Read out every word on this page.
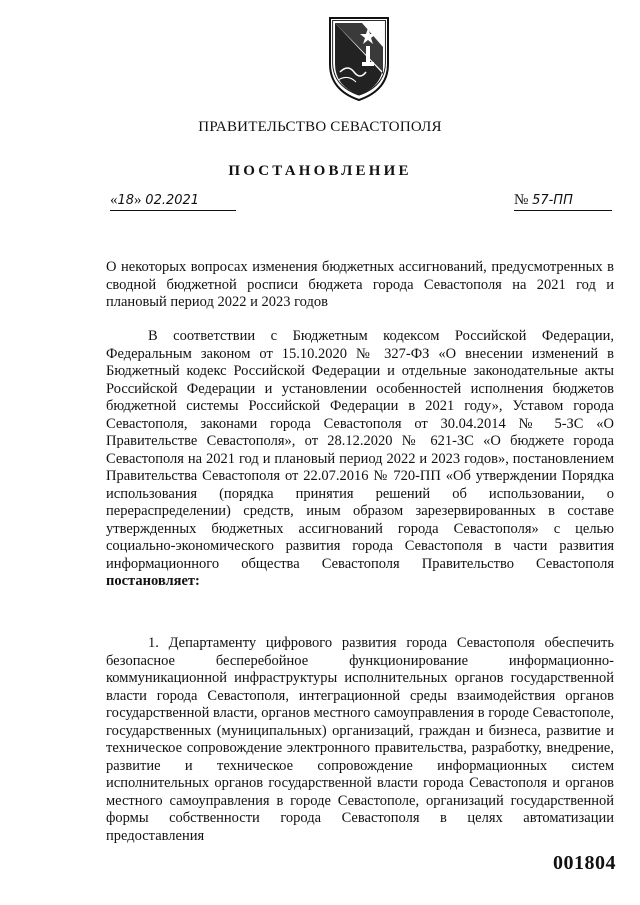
ПРАВИТЕЛЬСТВО СЕВАСТОПОЛЯ
ПОСТАНОВЛЕНИЕ
«18» 02.2021	№ 57-ПП

О некоторых вопросах изменения бюджетных ассигнований, предусмотренных в сводной бюджетной росписи бюджета города Севастополя на 2021 год и плановый период 2022 и 2023 годов

В соответствии с Бюджетным кодексом Российской Федерации, Федеральным законом от 15.10.2020 № 327-ФЗ «О внесении изменений в Бюджетный кодекс Российской Федерации и отдельные законодательные акты Российской Федерации и установлении особенностей исполнения бюджетов бюджетной системы Российской Федерации в 2021 году», Уставом города Севастополя, законами города Севастополя от 30.04.2014 № 5-ЗС «О Правительстве Севастополя», от 28.12.2020 № 621-ЗС «О бюджете города Севастополя на 2021 год и плановый период 2022 и 2023 годов», постановлением Правительства Севастополя от 22.07.2016 № 720-ПП «Об утверждении Порядка использования (порядка принятия решений об использовании, о перераспределении) средств, иным образом зарезервированных в составе утвержденных бюджетных ассигнований города Севастополя» с целью социально-экономического развития города Севастополя в части развития информационного общества Севастополя Правительство Севастополя постановляет:

1. Департаменту цифрового развития города Севастополя обеспечить безопасное бесперебойное функционирование информационно-коммуникационной инфраструктуры исполнительных органов государственной власти города Севастополя, интеграционной среды взаимодействия органов государственной власти, органов местного самоуправления в городе Севастополе, государственных (муниципальных) организаций, граждан и бизнеса, развитие и техническое сопровождение электронного правительства, разработку, внедрение, развитие и техническое сопровождение информационных систем исполнительных органов государственной власти города Севастополя и органов местного самоуправления в городе Севастополе, организаций государственной формы собственности города Севастополя в целях автоматизации предоставления

001804
